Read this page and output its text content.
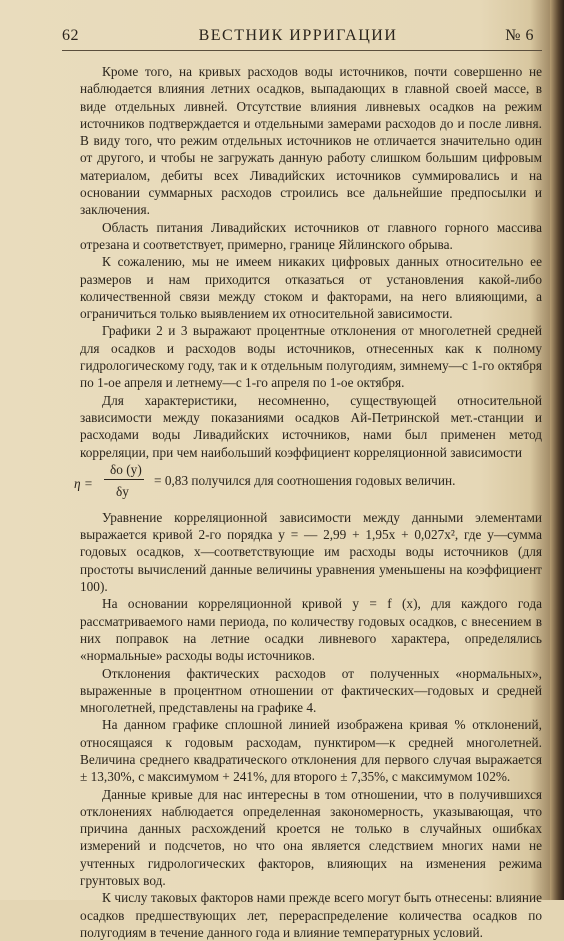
62	ВЕСТНИК ИРРИГАЦИИ	№ 6

Кроме того, на кривых расходов воды источников, почти совершенно не наблюдается влияния летних осадков, выпадающих в главной своей массе, в виде отдельных ливней. Отсутствие влияния ливневых осадков на режим источников подтверждается и отдельными замерами расходов до и после ливня. В виду того, что режим отдельных источников не отличается значительно один от другого, и чтобы не загружать данную работу слишком большим цифровым материалом, дебиты всех Ливадийских источников суммировались и на основании суммарных расходов строились все дальнейшие предпосылки и заключения.

Область питания Ливадийских источников от главного горного массива отрезана и соответствует, примерно, границе Яйлинского обрыва.

К сожалению, мы не имеем никаких цифровых данных относительно ее размеров и нам приходится отказаться от установления какой-либо количественной связи между стоком и факторами, на него влияющими, а ограничиться только выявлением их относительной зависимости.

Графики 2 и 3 выражают процентные отклонения от многолетней средней для осадков и расходов воды источников, отнесенных как к полному гидрологическому году, так и к отдельным полугодиям, зимнему—с 1-го октября по 1-ое апреля и летнему—с 1-го апреля по 1-ое октября.

Для характеристики, несомненно, существующей относительной зависимости между показаниями осадков Ай-Петринской мет.-станции и расходами воды Ливадийских источников, нами был применен метод корреляции, при чем наибольший коэффициент корреляционной зависимости

η =
δo (y)
δy
= 0,83 получился для соотношения годовых величин.

Уравнение корреляционной зависимости между данными элементами выражается кривой 2-го порядка y = — 2,99 + 1,95x + 0,027x², где y—сумма годовых осадков, x—соответствующие им расходы воды источников (для простоты вычислений данные величины уравнения уменьшены на коэффициент 100).

На основании корреляционной кривой y = f (x), для каждого года рассматриваемого нами периода, по количеству годовых осадков, с внесением в них поправок на летние осадки ливневого характера, определялись «нормальные» расходы воды источников.

Отклонения фактических расходов от полученных «нормальных», выраженные в процентном отношении от фактических—годовых и средней многолетней, представлены на графике 4.

На данном графике сплошной линией изображена кривая % отклонений, относящаяся к годовым расходам, пунктиром—к средней многолетней. Величина среднего квадратического отклонения для первого случая выражается ± 13,30%, с максимумом + 241%, для второго ± 7,35%, с максимумом 102%.

Данные кривые для нас интересны в том отношении, что в получившихся отклонениях наблюдается определенная закономерность, указывающая, что причина данных расхождений кроется не только в случайных ошибках измерений и подсчетов, но что она является следствием многих нами не учтенных гидрологических факторов, влияющих на изменения режима грунтовых вод.

К числу таковых факторов нами прежде всего могут быть отнесены: влияние осадков предшествующих лет, перераспределение количества осадков по полугодиям в течение данного года и влияние температурных условий.
